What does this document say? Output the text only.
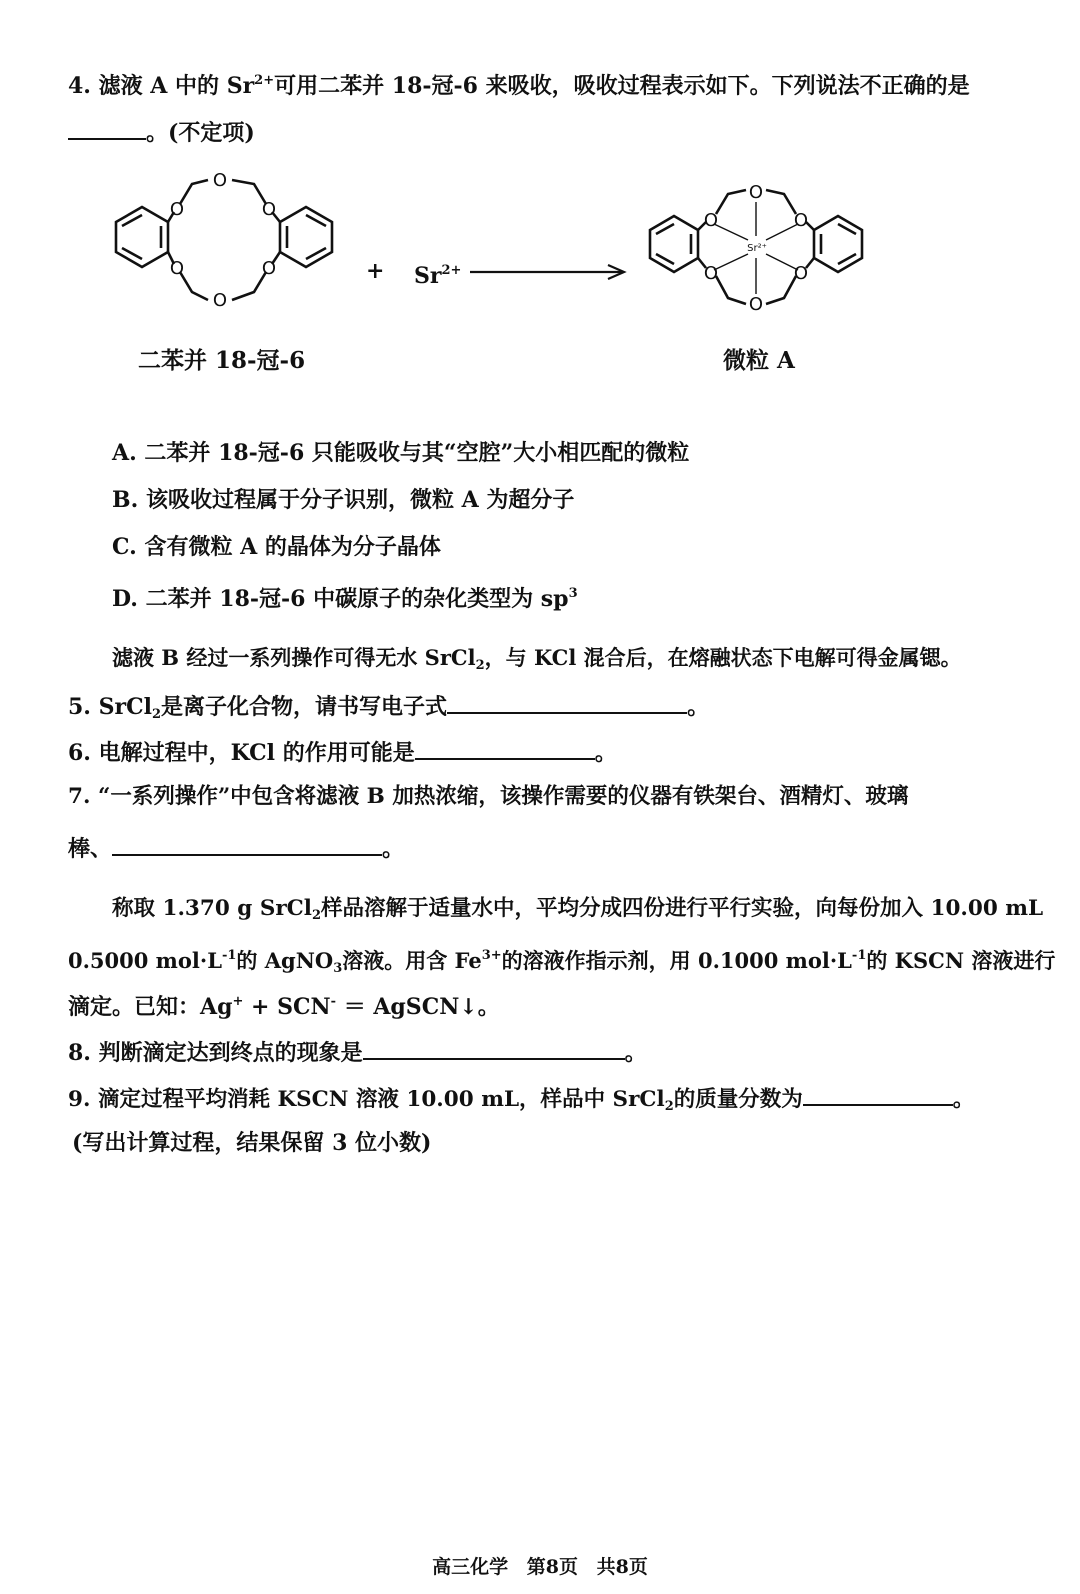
4. 滤液 A 中的 $Sr^{2+}$可用二苯并 18-冠-6 来吸收，吸收过程表示如下。下列说法不正确的是
。(不定项)
O
O
O
O
O
O	+ $Sr^{2+}$
O
O
O
O
O
O
Sr²⁺
二苯并 18-冠-6	微粒 A
A. 二苯并 18-冠-6 只能吸收与其“空腔”大小相匹配的微粒
B. 该吸收过程属于分子识别，微粒 A 为超分子
C. 含有微粒 A 的晶体为分子晶体
D. 二苯并 18-冠-6 中碳原子的杂化类型为 $sp^3$
滤液 B 经过一系列操作可得无水 SrCl$_2$，与 KCl 混合后，在熔融状态下电解可得金属锶。
5. SrCl$_2$是离子化合物，请书写电子式	。
6. 电解过程中，KCl 的作用可能是	。
7. “一系列操作”中包含将滤液 B 加热浓缩，该操作需要的仪器有铁架台、酒精灯、玻璃
棒、	。
称取 1.370 g SrCl$_2$样品溶解于适量水中，平均分成四份进行平行实验，向每份加入 10.00 mL
0.5000 $mol\cdot L^{-1}$的 AgNO$_3$溶液。用含 $Fe^{3+}$的溶液作指示剂，用 0.1000 $mol\cdot L^{-1}$的 KSCN 溶液进行
滴定。已知：Ag+ + SCN- ＝ AgSCN↓。
8. 判断滴定达到终点的现象是	。
9. 滴定过程平均消耗 KSCN 溶液 10.00 mL，样品中 SrCl$_2$的质量分数为	。
(写出计算过程，结果保留 3 位小数)
高三化学 第8页 共8页
